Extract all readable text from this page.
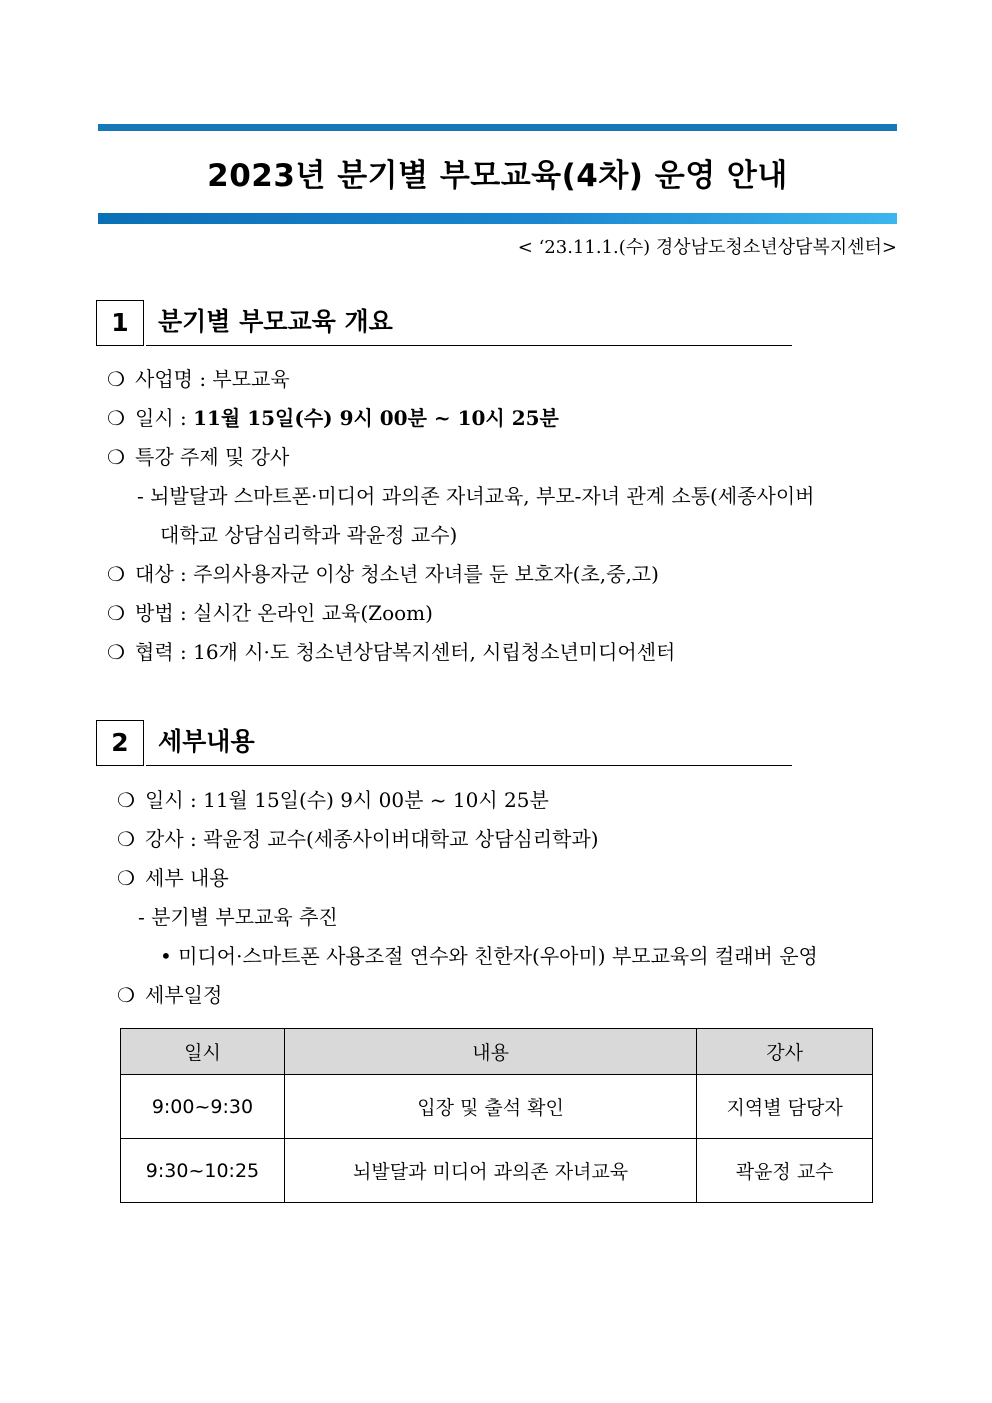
2023년 분기별 부모교육(4차) 운영 안내
< ‘23.11.1.(수) 경상남도청소년상담복지센터>
1	분기별 부모교육 개요
❍ 사업명 : 부모교육
❍ 일시 : 11월 15일(수) 9시 00분 ~ 10시 25분
❍ 특강 주제 및 강사
- 뇌발달과 스마트폰·미디어 과의존 자녀교육, 부모-자녀 관계 소통(세종사이버
대학교 상담심리학과 곽윤정 교수)
❍ 대상 : 주의사용자군 이상 청소년 자녀를 둔 보호자(초,중,고)
❍ 방법 : 실시간 온라인 교육(Zoom)
❍ 협력 : 16개 시·도 청소년상담복지센터, 시립청소년미디어센터
2	세부내용
❍ 일시 : 11월 15일(수) 9시 00분 ~ 10시 25분
❍ 강사 : 곽윤정 교수(세종사이버대학교 상담심리학과)
❍ 세부 내용
- 분기별 부모교육 추진
• 미디어·스마트폰 사용조절 연수와 친한자(우아미) 부모교육의 컬래버 운영
❍ 세부일정
일시	내용	강사
9:00~9:30	입장 및 출석 확인	지역별 담당자
9:30~10:25	뇌발달과 미디어 과의존 자녀교육	곽윤정 교수
